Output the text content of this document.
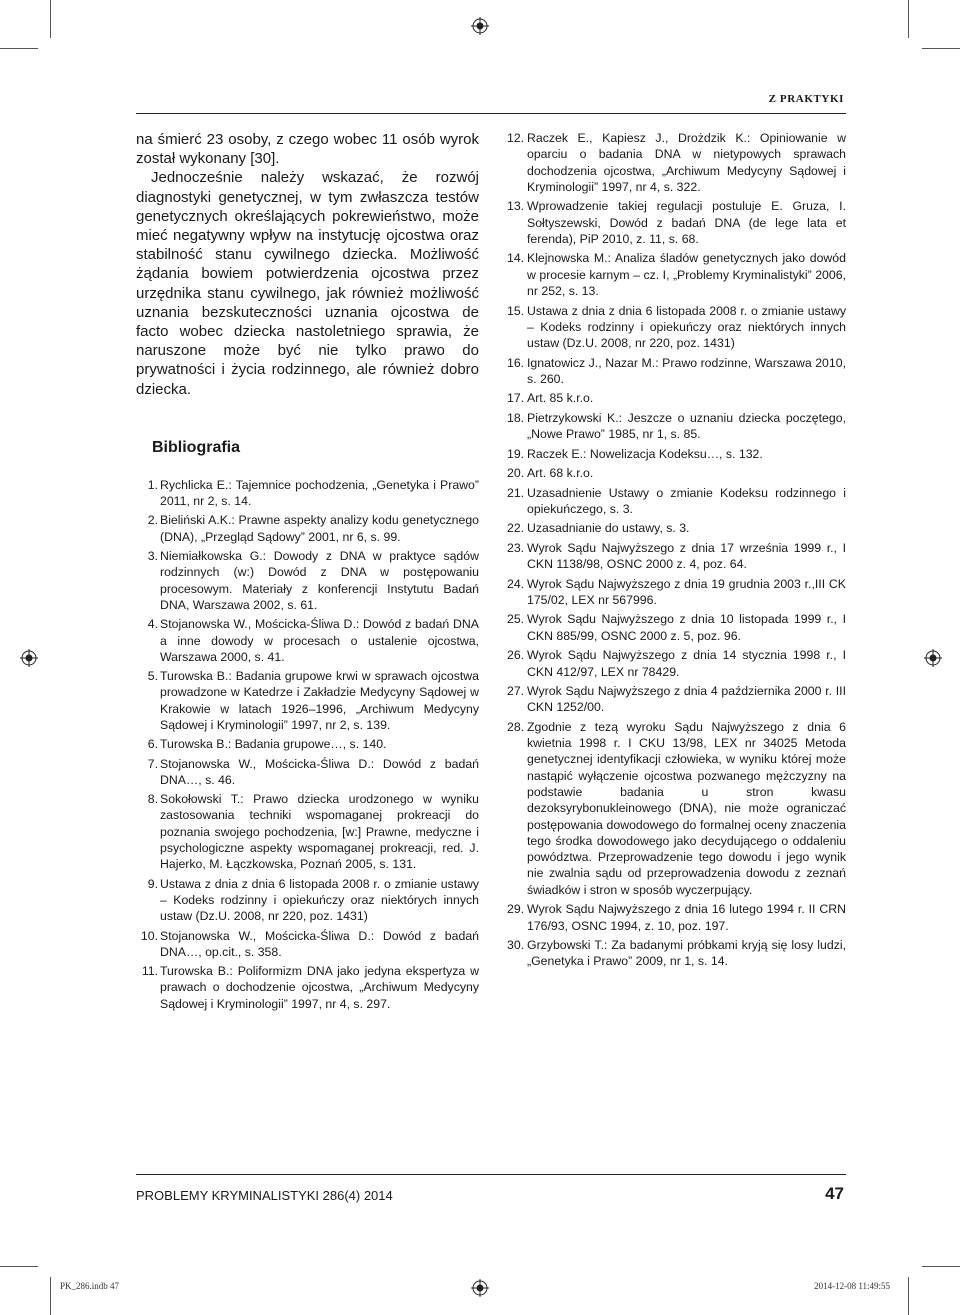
Z PRAKTYKI

na śmierć 23 osoby, z czego wobec 11 osób wyrok został wykonany [30].

Jednocześnie należy wskazać, że rozwój diagnostyki genetycznej, w tym zwłaszcza testów genetycznych określających pokrewieństwo, może mieć negatywny wpływ na instytucję ojcostwa oraz stabilność stanu cywilnego dziecka. Możliwość żądania bowiem potwierdzenia ojcostwa przez urzędnika stanu cywilnego, jak również możliwość uznania bezskuteczności uznania ojcostwa de facto wobec dziecka nastoletniego sprawia, że naruszone może być nie tylko prawo do prywatności i życia rodzinnego, ale również dobro dziecka.

Bibliografia
1. Rychlicka E.: Tajemnice pochodzenia, „Genetyka i Prawo” 2011, nr 2, s. 14.
2. Bieliński A.K.: Prawne aspekty analizy kodu genetycznego (DNA), „Przegląd Sądowy” 2001, nr 6, s. 99.
3. Niemiałkowska G.: Dowody z DNA w praktyce sądów rodzinnych (w:) Dowód z DNA w postępowaniu procesowym. Materiały z konferencji Instytutu Badań DNA, Warszawa 2002, s. 61.
4. Stojanowska W., Mościcka-Śliwa D.: Dowód z badań DNA a inne dowody w procesach o ustalenie ojcostwa, Warszawa 2000, s. 41.
5. Turowska B.: Badania grupowe krwi w sprawach ojcostwa prowadzone w Katedrze i Zakładzie Medycyny Sądowej w Krakowie w latach 1926–1996, „Archiwum Medycyny Sądowej i Kryminologii” 1997, nr 2, s. 139.
6. Turowska B.: Badania grupowe…, s. 140.
7. Stojanowska W., Mościcka-Śliwa D.: Dowód z badań DNA…, s. 46.
8. Sokołowski T.: Prawo dziecka urodzonego w wyniku zastosowania techniki wspomaganej prokreacji do poznania swojego pochodzenia, [w:] Prawne, medyczne i psychologiczne aspekty wspomaganej prokreacji, red. J. Hajerko, M. Łączkowska, Poznań 2005, s. 131.
9. Ustawa z dnia z dnia 6 listopada 2008 r. o zmianie ustawy – Kodeks rodzinny i opiekuńczy oraz niektórych innych ustaw (Dz.U. 2008, nr 220, poz. 1431)
10. Stojanowska W., Mościcka-Śliwa D.: Dowód z badań DNA…, op.cit., s. 358.
11. Turowska B.: Poliformizm DNA jako jedyna ekspertyza w prawach o dochodzenie ojcostwa, „Archiwum Medycyny Sądowej i Kryminologii” 1997, nr 4, s. 297.
12. Raczek E., Kapiesz J., Drożdzik K.: Opiniowanie w oparciu o badania DNA w nietypowych sprawach dochodzenia ojcostwa, „Archiwum Medycyny Sądowej i Kryminologii” 1997, nr 4, s. 322.
13. Wprowadzenie takiej regulacji postuluje E. Gruza, I. Sołtyszewski, Dowód z badań DNA (de lege lata et ferenda), PiP 2010, z. 11, s. 68.
14. Klejnowska M.: Analiza śladów genetycznych jako dowód w procesie karnym – cz. I, „Problemy Kryminalistyki” 2006, nr 252, s. 13.
15. Ustawa z dnia z dnia 6 listopada 2008 r. o zmianie ustawy – Kodeks rodzinny i opiekuńczy oraz niektórych innych ustaw (Dz.U. 2008, nr 220, poz. 1431)
16. Ignatowicz J., Nazar M.: Prawo rodzinne, Warszawa 2010, s. 260.
17. Art. 85 k.r.o.
18. Pietrzykowski K.: Jeszcze o uznaniu dziecka poczętego, „Nowe Prawo” 1985, nr 1, s. 85.
19. Raczek E.: Nowelizacja Kodeksu…, s. 132.
20. Art. 68 k.r.o.
21. Uzasadnienie Ustawy o zmianie Kodeksu rodzinnego i opiekuńczego, s. 3.
22. Uzasadnianie do ustawy, s. 3.
23. Wyrok Sądu Najwyższego z dnia 17 września 1999 r., I CKN 1138/98, OSNC 2000 z. 4, poz. 64.
24. Wyrok Sądu Najwyższego z dnia 19 grudnia 2003 r.,III CK 175/02, LEX nr 567996.
25. Wyrok Sądu Najwyższego z dnia 10 listopada 1999 r., I CKN 885/99, OSNC 2000 z. 5, poz. 96.
26. Wyrok Sądu Najwyższego z dnia 14 stycznia 1998 r., I CKN 412/97, LEX nr 78429.
27. Wyrok Sądu Najwyższego z dnia 4 października 2000 r. III CKN 1252/00.
28. Zgodnie z tezą wyroku Sądu Najwyższego z dnia 6 kwietnia 1998 r. I CKU 13/98, LEX nr 34025 Metoda genetycznej identyfikacji człowieka, w wyniku której może nastąpić wyłączenie ojcostwa pozwanego mężczyzny na podstawie badania u stron kwasu dezoksyrybonukleinowego (DNA), nie może ograniczać postępowania dowodowego do formalnej oceny znaczenia tego środka dowodowego jako decydującego o oddaleniu powództwa. Przeprowadzenie tego dowodu i jego wynik nie zwalnia sądu od przeprowadzenia dowodu z zeznań świadków i stron w sposób wyczerpujący.
29. Wyrok Sądu Najwyższego z dnia 16 lutego 1994 r. II CRN 176/93, OSNC 1994, z. 10, poz. 197.
30. Grzybowski T.: Za badanymi próbkami kryją się losy ludzi, „Genetyka i Prawo” 2009, nr 1, s. 14.
PROBLEMY KRYMINALISTYKI 286(4) 2014	47
PK_286.indb 47	2014-12-08 11:49:55
